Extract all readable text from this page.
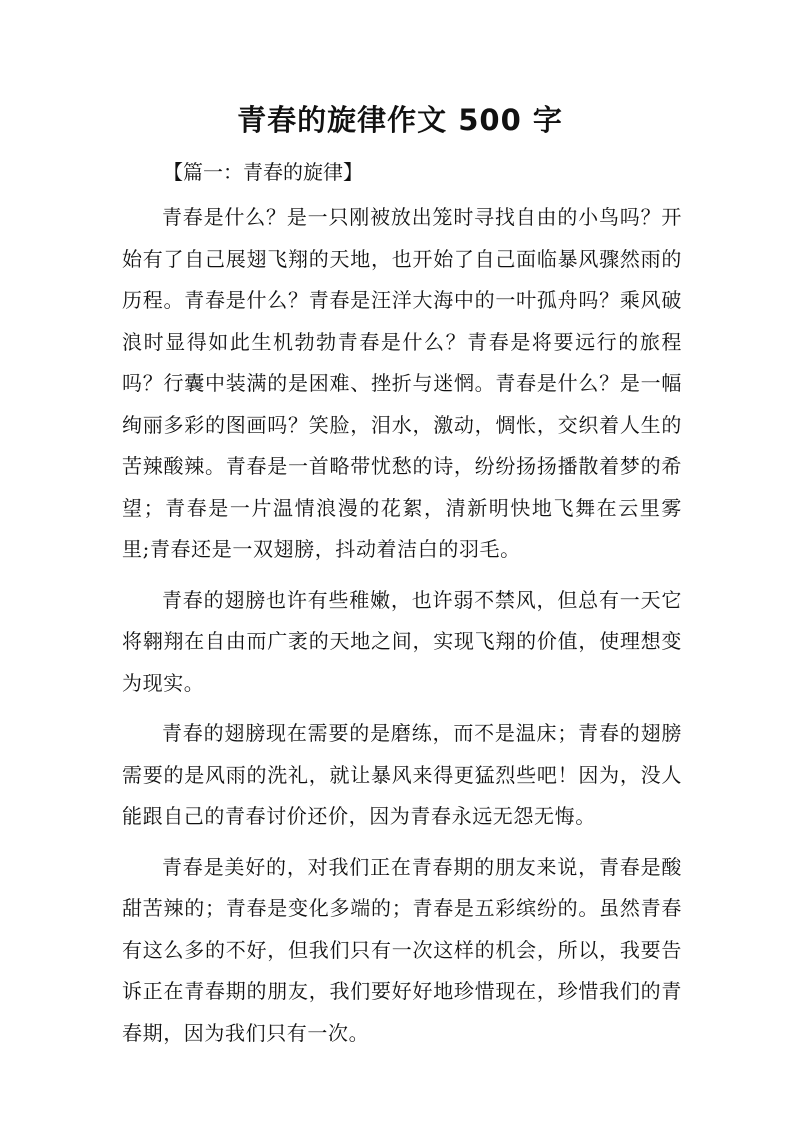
青春的旋律作文 500 字

【篇一：青春的旋律】

青春是什么？是一只刚被放出笼时寻找自由的小鸟吗？开始有了自己展翅飞翔的天地，也开始了自己面临暴风骤然雨的历程。青春是什么？青春是汪洋大海中的一叶孤舟吗？乘风破浪时显得如此生机勃勃青春是什么？青春是将要远行的旅程吗？行囊中装满的是困难、挫折与迷惘。青春是什么？是一幅绚丽多彩的图画吗？笑脸，泪水，激动，惆怅，交织着人生的苦辣酸辣。青春是一首略带忧愁的诗，纷纷扬扬播散着梦的希望；青春是一片温情浪漫的花絮，清新明快地飞舞在云里雾里;青春还是一双翅膀，抖动着洁白的羽毛。

青春的翅膀也许有些稚嫩，也许弱不禁风，但总有一天它将翱翔在自由而广袤的天地之间，实现飞翔的价值，使理想变为现实。

青春的翅膀现在需要的是磨练，而不是温床；青春的翅膀需要的是风雨的洗礼，就让暴风来得更猛烈些吧！因为，没人能跟自己的青春讨价还价，因为青春永远无怨无悔。

青春是美好的，对我们正在青春期的朋友来说，青春是酸甜苦辣的；青春是变化多端的；青春是五彩缤纷的。虽然青春有这么多的不好，但我们只有一次这样的机会，所以，我要告诉正在青春期的朋友，我们要好好地珍惜现在，珍惜我们的青春期，因为我们只有一次。
